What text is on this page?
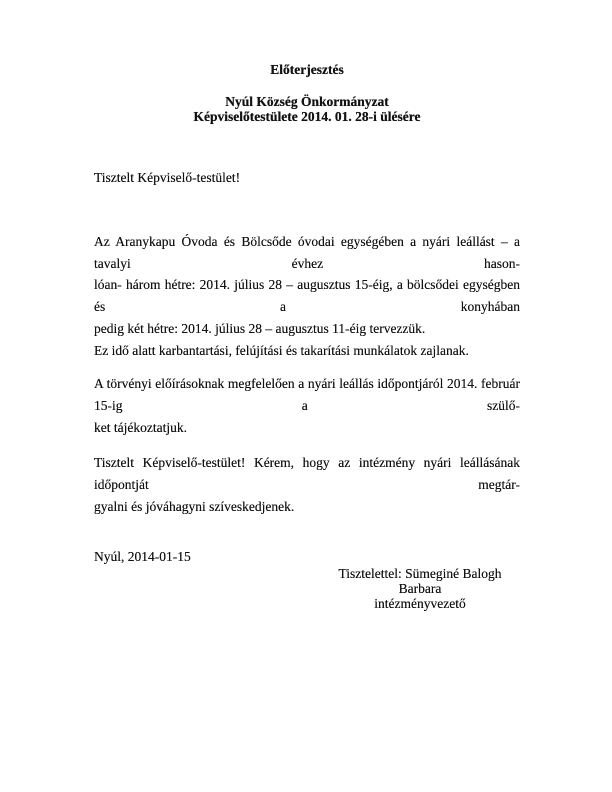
Előterjesztés
Nyúl Község Önkormányzat
Képviselőtestülete 2014. 01. 28-i ülésére
Tisztelt Képviselő-testület!
Az Aranykapu Óvoda és Bölcsőde óvodai egységében a nyári leállást – a tavalyi évhez hason-
lóan- három hétre: 2014. július 28 – augusztus 15-éig, a bölcsődei egységben és a konyhában
pedig két hétre: 2014. július 28 – augusztus 11-éig tervezzük.
Ez idő alatt karbantartási, felújítási és takarítási munkálatok zajlanak.
A törvényi előírásoknak megfelelően a nyári leállás időpontjáról 2014. február 15-ig a szülő-
ket tájékoztatjuk.
Tisztelt Képviselő-testület! Kérem, hogy az intézmény nyári leállásának időpontját megtár-
gyalni és jóváhagyni szíveskedjenek.
Nyúl, 2014-01-15
Tisztelettel: Sümeginé Balogh Barbara
intézményvezető
